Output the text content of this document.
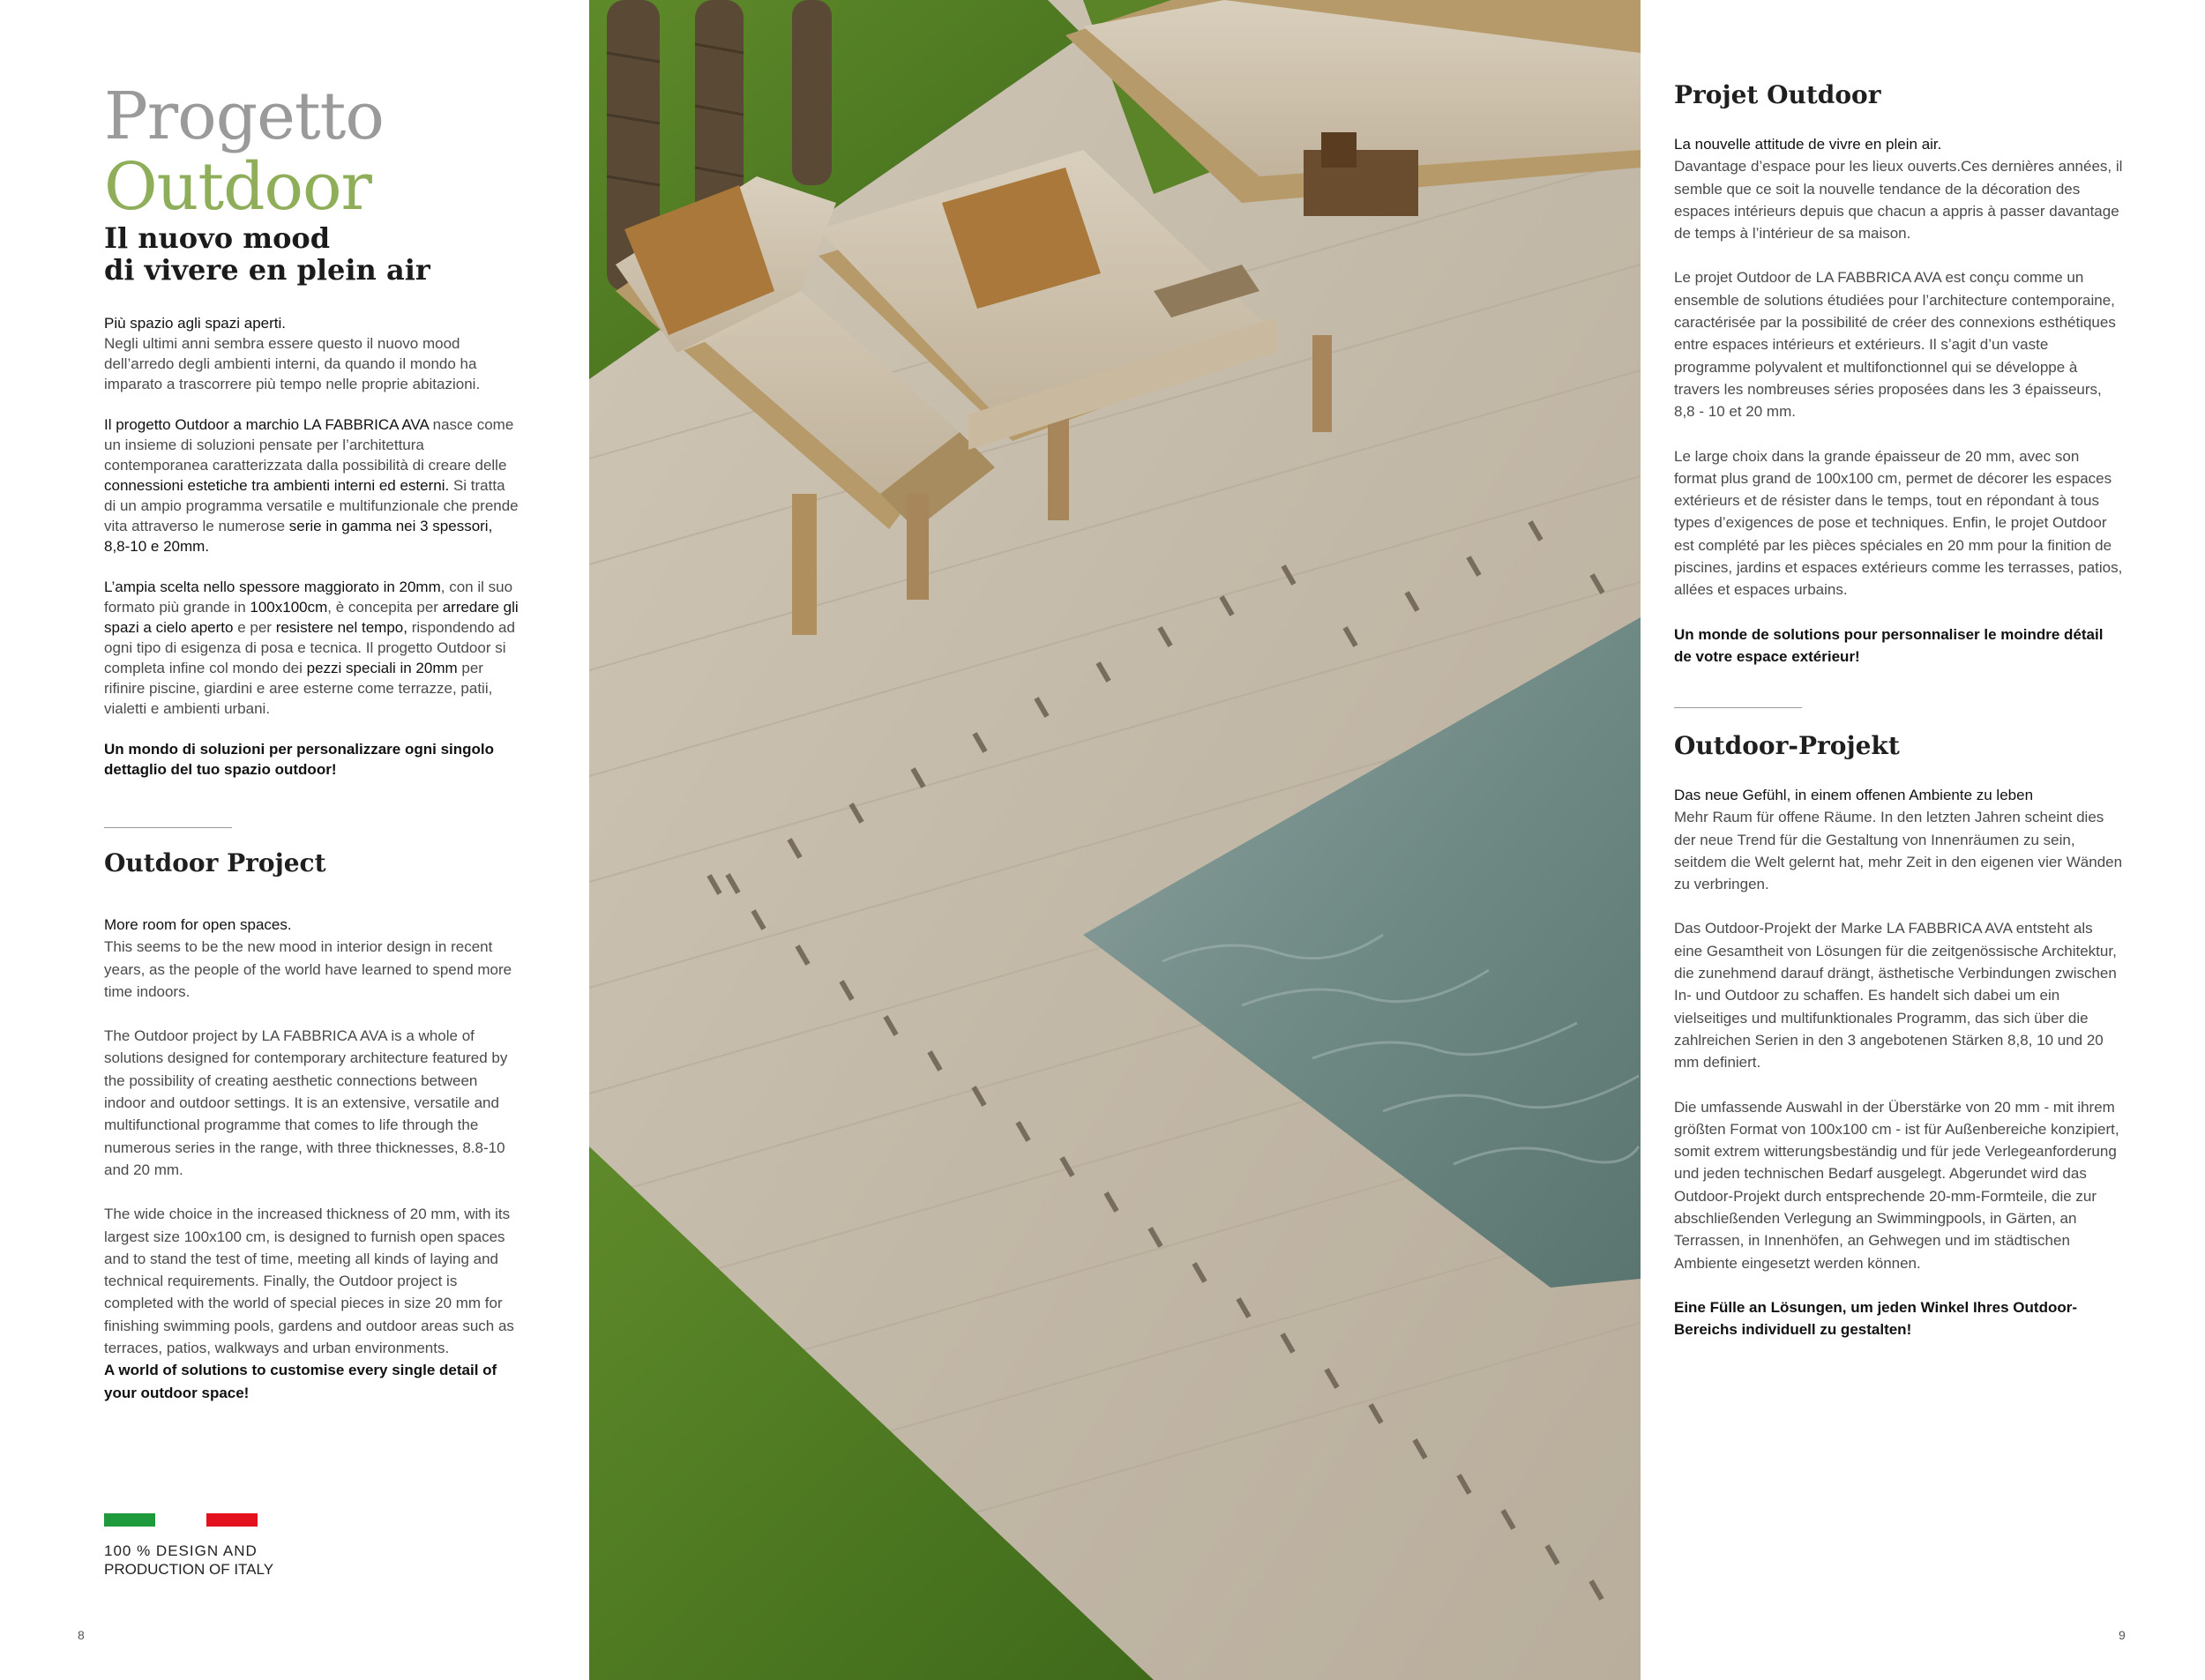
Progetto
Outdoor
Il nuovo mood
di vivere en plein air

Più spazio agli spazi aperti.
Negli ultimi anni sembra essere questo il nuovo mood dell’arredo degli ambienti interni, da quando il mondo ha imparato a trascorrere più tempo nelle proprie abitazioni.

Il progetto Outdoor a marchio LA FABBRICA AVA nasce come un insieme di soluzioni pensate per l’architettura contemporanea caratterizzata dalla possibilità di creare delle connessioni estetiche tra ambienti interni ed esterni. Si tratta di un ampio programma versatile e multifunzionale che prende vita attraverso le numerose serie in gamma nei 3 spessori, 8,8-10 e 20mm.

L’ampia scelta nello spessore maggiorato in 20mm, con il suo formato più grande in 100x100cm, è concepita per arredare gli spazi a cielo aperto e per resistere nel tempo, rispondendo ad ogni tipo di esigenza di posa e tecnica. Il progetto Outdoor si completa infine col mondo dei pezzi speciali in 20mm per rifinire piscine, giardini e aree esterne come terrazze, patii, vialetti e ambienti urbani.

Un mondo di soluzioni per personalizzare ogni singolo dettaglio del tuo spazio outdoor!

Outdoor Project

More room for open spaces.
This seems to be the new mood in interior design in recent years, as the people of the world have learned to spend more time indoors.

The Outdoor project by LA FABBRICA AVA is a whole of solutions designed for contemporary architecture featured by the possibility of creating aesthetic connections between indoor and outdoor settings. It is an extensive, versatile and multifunctional programme that comes to life through the numerous series in the range, with three thicknesses, 8.8-10 and 20 mm.

The wide choice in the increased thickness of 20 mm, with its largest size 100x100 cm, is designed to furnish open spaces and to stand the test of time, meeting all kinds of laying and technical requirements. Finally, the Outdoor project is completed with the world of special pieces in size 20 mm for finishing swimming pools, gardens and outdoor areas such as terraces, patios, walkways and urban environments.

A world of solutions to customise every single detail of your outdoor space!

100 % DESIGN AND
PRODUCTION OF ITALY
8
Projet Outdoor

La nouvelle attitude de vivre en plein air.
Davantage d’espace pour les lieux ouverts.Ces dernières années, il semble que ce soit la nouvelle tendance de la décoration des espaces intérieurs depuis que chacun a appris à passer davantage de temps à l’intérieur de sa maison.

Le projet Outdoor de LA FABBRICA AVA est conçu comme un ensemble de solutions étudiées pour l’architecture contemporaine, caractérisée par la possibilité de créer des connexions esthétiques entre espaces intérieurs et extérieurs. Il s’agit d’un vaste programme polyvalent et multifonctionnel qui se développe à travers les nombreuses séries proposées dans les 3 épaisseurs, 8,8 - 10 et 20 mm.

Le large choix dans la grande épaisseur de 20 mm, avec son format plus grand de 100x100 cm, permet de décorer les espaces extérieurs et de résister dans le temps, tout en répondant à tous types d’exigences de pose et techniques. Enfin, le projet Outdoor est complété par les pièces spéciales en 20 mm pour la finition de piscines, jardins et espaces extérieurs comme les terrasses, patios, allées et espaces urbains.

Un monde de solutions pour personnaliser le moindre détail de votre espace extérieur!

Outdoor-Projekt

Das neue Gefühl, in einem offenen Ambiente zu leben
Mehr Raum für offene Räume. In den letzten Jahren scheint dies der neue Trend für die Gestaltung von Innenräumen zu sein, seitdem die Welt gelernt hat, mehr Zeit in den eigenen vier Wänden zu verbringen.

Das Outdoor-Projekt der Marke LA FABBRICA AVA entsteht als eine Gesamtheit von Lösungen für die zeitgenössische Architektur, die zunehmend darauf drängt, ästhetische Verbindungen zwischen In- und Outdoor zu schaffen. Es handelt sich dabei um ein vielseitiges und multifunktionales Programm, das sich über die zahlreichen Serien in den 3 angebotenen Stärken 8,8, 10 und 20 mm definiert.

Die umfassende Auswahl in der Überstärke von 20 mm - mit ihrem größten Format von 100x100 cm - ist für Außenbereiche konzipiert, somit extrem witterungsbeständig und für jede Verlegeanforderung und jeden technischen Bedarf ausgelegt. Abgerundet wird das Outdoor-Projekt durch entsprechende 20-mm-Formteile, die zur abschließenden Verlegung an Swimmingpools, in Gärten, an Terrassen, in Innenhöfen, an Gehwegen und im städtischen Ambiente eingesetzt werden können.

Eine Fülle an Lösungen, um jeden Winkel Ihres Outdoor-Bereichs individuell zu gestalten!

9
